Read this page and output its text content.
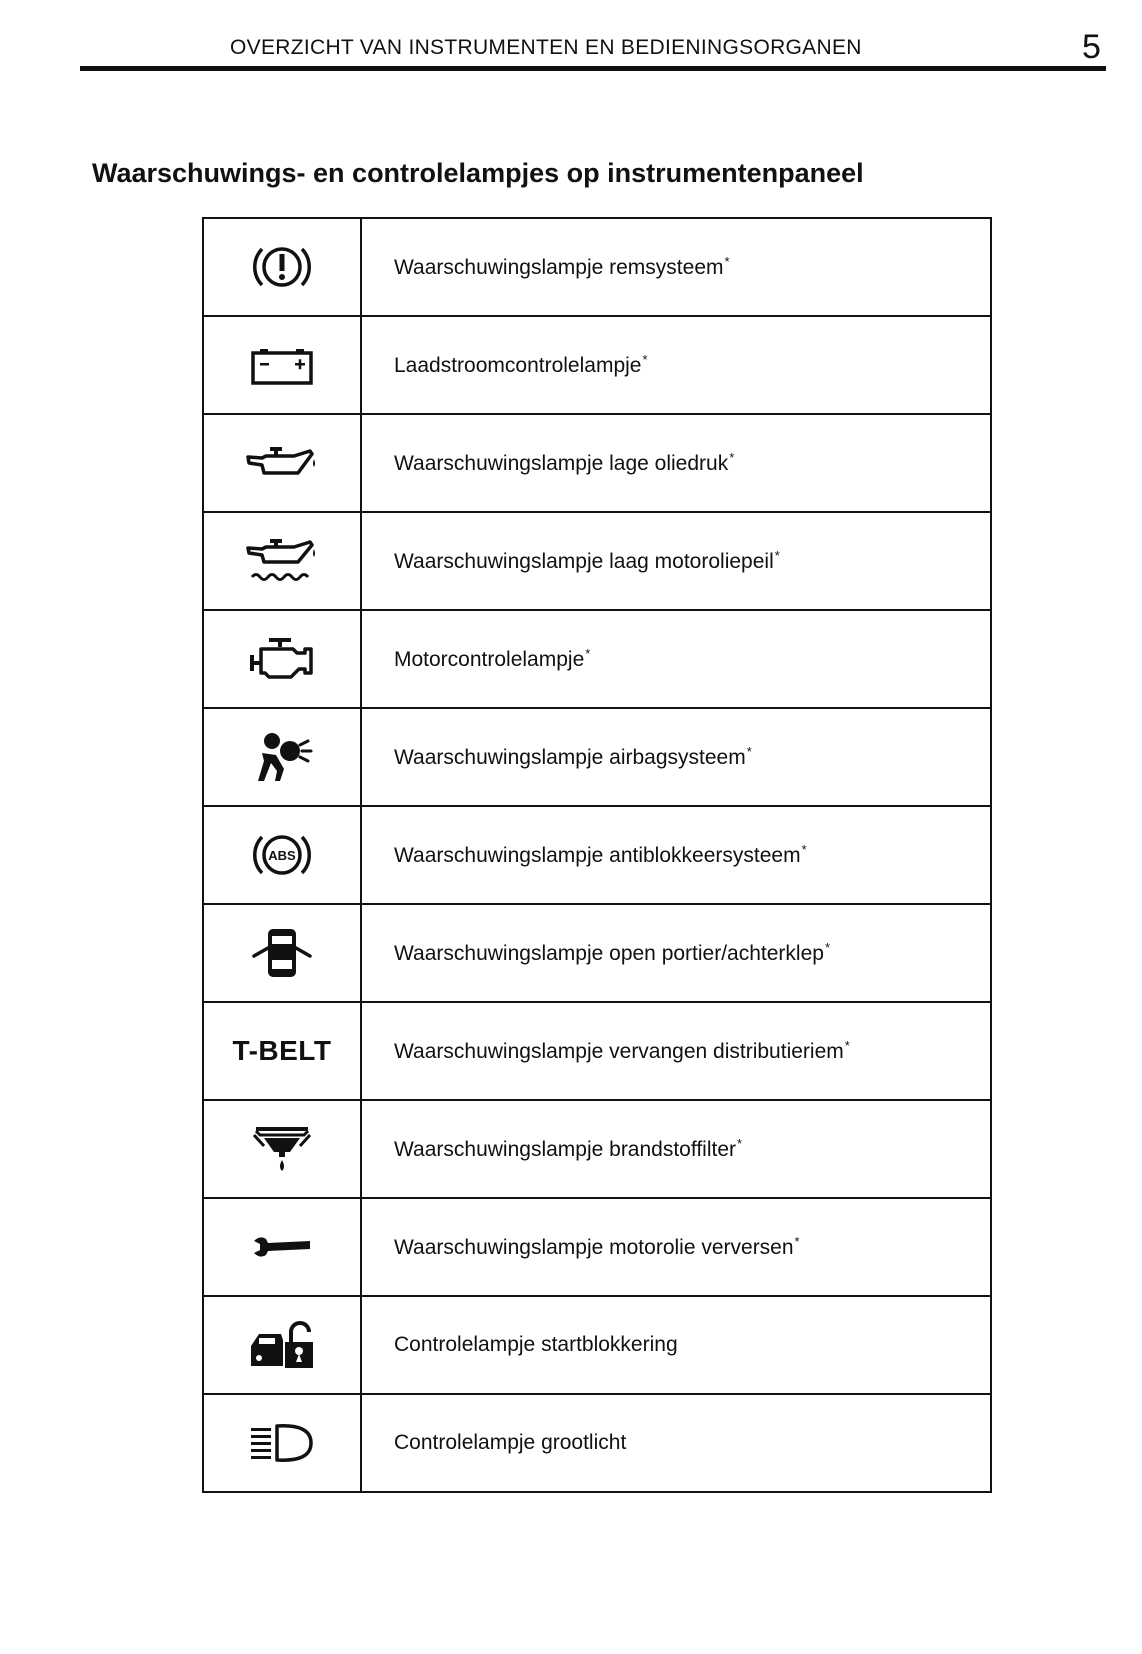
OVERZICHT VAN INSTRUMENTEN EN BEDIENINGSORGANEN	5
Waarschuwings- en controlelampjes op instrumentenpaneel
	Waarschuwingslampje remsysteem*
	Laadstroomcontrolelampje*
	Waarschuwingslampje lage oliedruk*
	Waarschuwingslampje laag motoroliepeil*
	Motorcontrolelampje*
	Waarschuwingslampje airbagsysteem*

ABS	Waarschuwingslampje antiblokkeersysteem*
	Waarschuwingslampje open portier/achterklep*
T-BELT	Waarschuwingslampje vervangen distributieriem*
	Waarschuwingslampje brandstoffilter*
	Waarschuwingslampje motorolie verversen*
	Controlelampje startblokkering
	Controlelampje grootlicht
